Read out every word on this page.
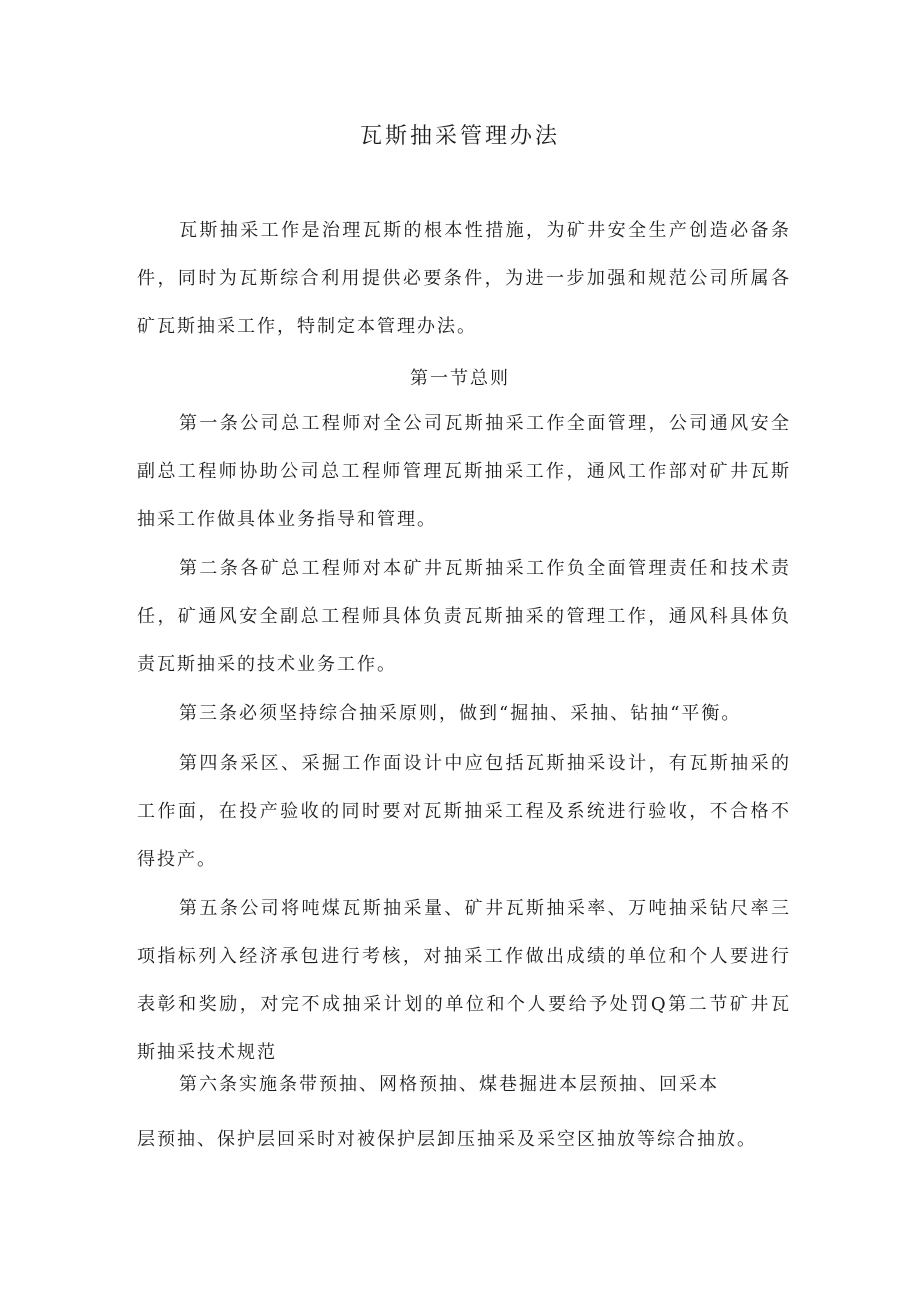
瓦斯抽采管理办法

瓦斯抽采工作是治理瓦斯的根本性措施，为矿井安全生产创造必备条件，同时为瓦斯综合利用提供必要条件，为进一步加强和规范公司所属各矿瓦斯抽采工作，特制定本管理办法。

第一节总则

第一条公司总工程师对全公司瓦斯抽采工作全面管理，公司通风安全副总工程师协助公司总工程师管理瓦斯抽采工作，通风工作部对矿井瓦斯抽采工作做具体业务指导和管理。

第二条各矿总工程师对本矿井瓦斯抽采工作负全面管理责任和技术责任，矿通风安全副总工程师具体负责瓦斯抽采的管理工作，通风科具体负责瓦斯抽采的技术业务工作。

第三条必须坚持综合抽采原则，做到“掘抽、采抽、钻抽“平衡。

第四条采区、采掘工作面设计中应包括瓦斯抽采设计，有瓦斯抽采的工作面，在投产验收的同时要对瓦斯抽采工程及系统进行验收，不合格不得投产。

第五条公司将吨煤瓦斯抽采量、矿井瓦斯抽采率、万吨抽采钻尺率三项指标列入经济承包进行考核，对抽采工作做出成绩的单位和个人要进行表彰和奖励，对完不成抽采计划的单位和个人要给予处罚Q第二节矿井瓦斯抽采技术规范

第六条实施条带预抽、网格预抽、煤巷掘进本层预抽、回采本

层预抽、保护层回采时对被保护层卸压抽采及采空区抽放等综合抽放。
